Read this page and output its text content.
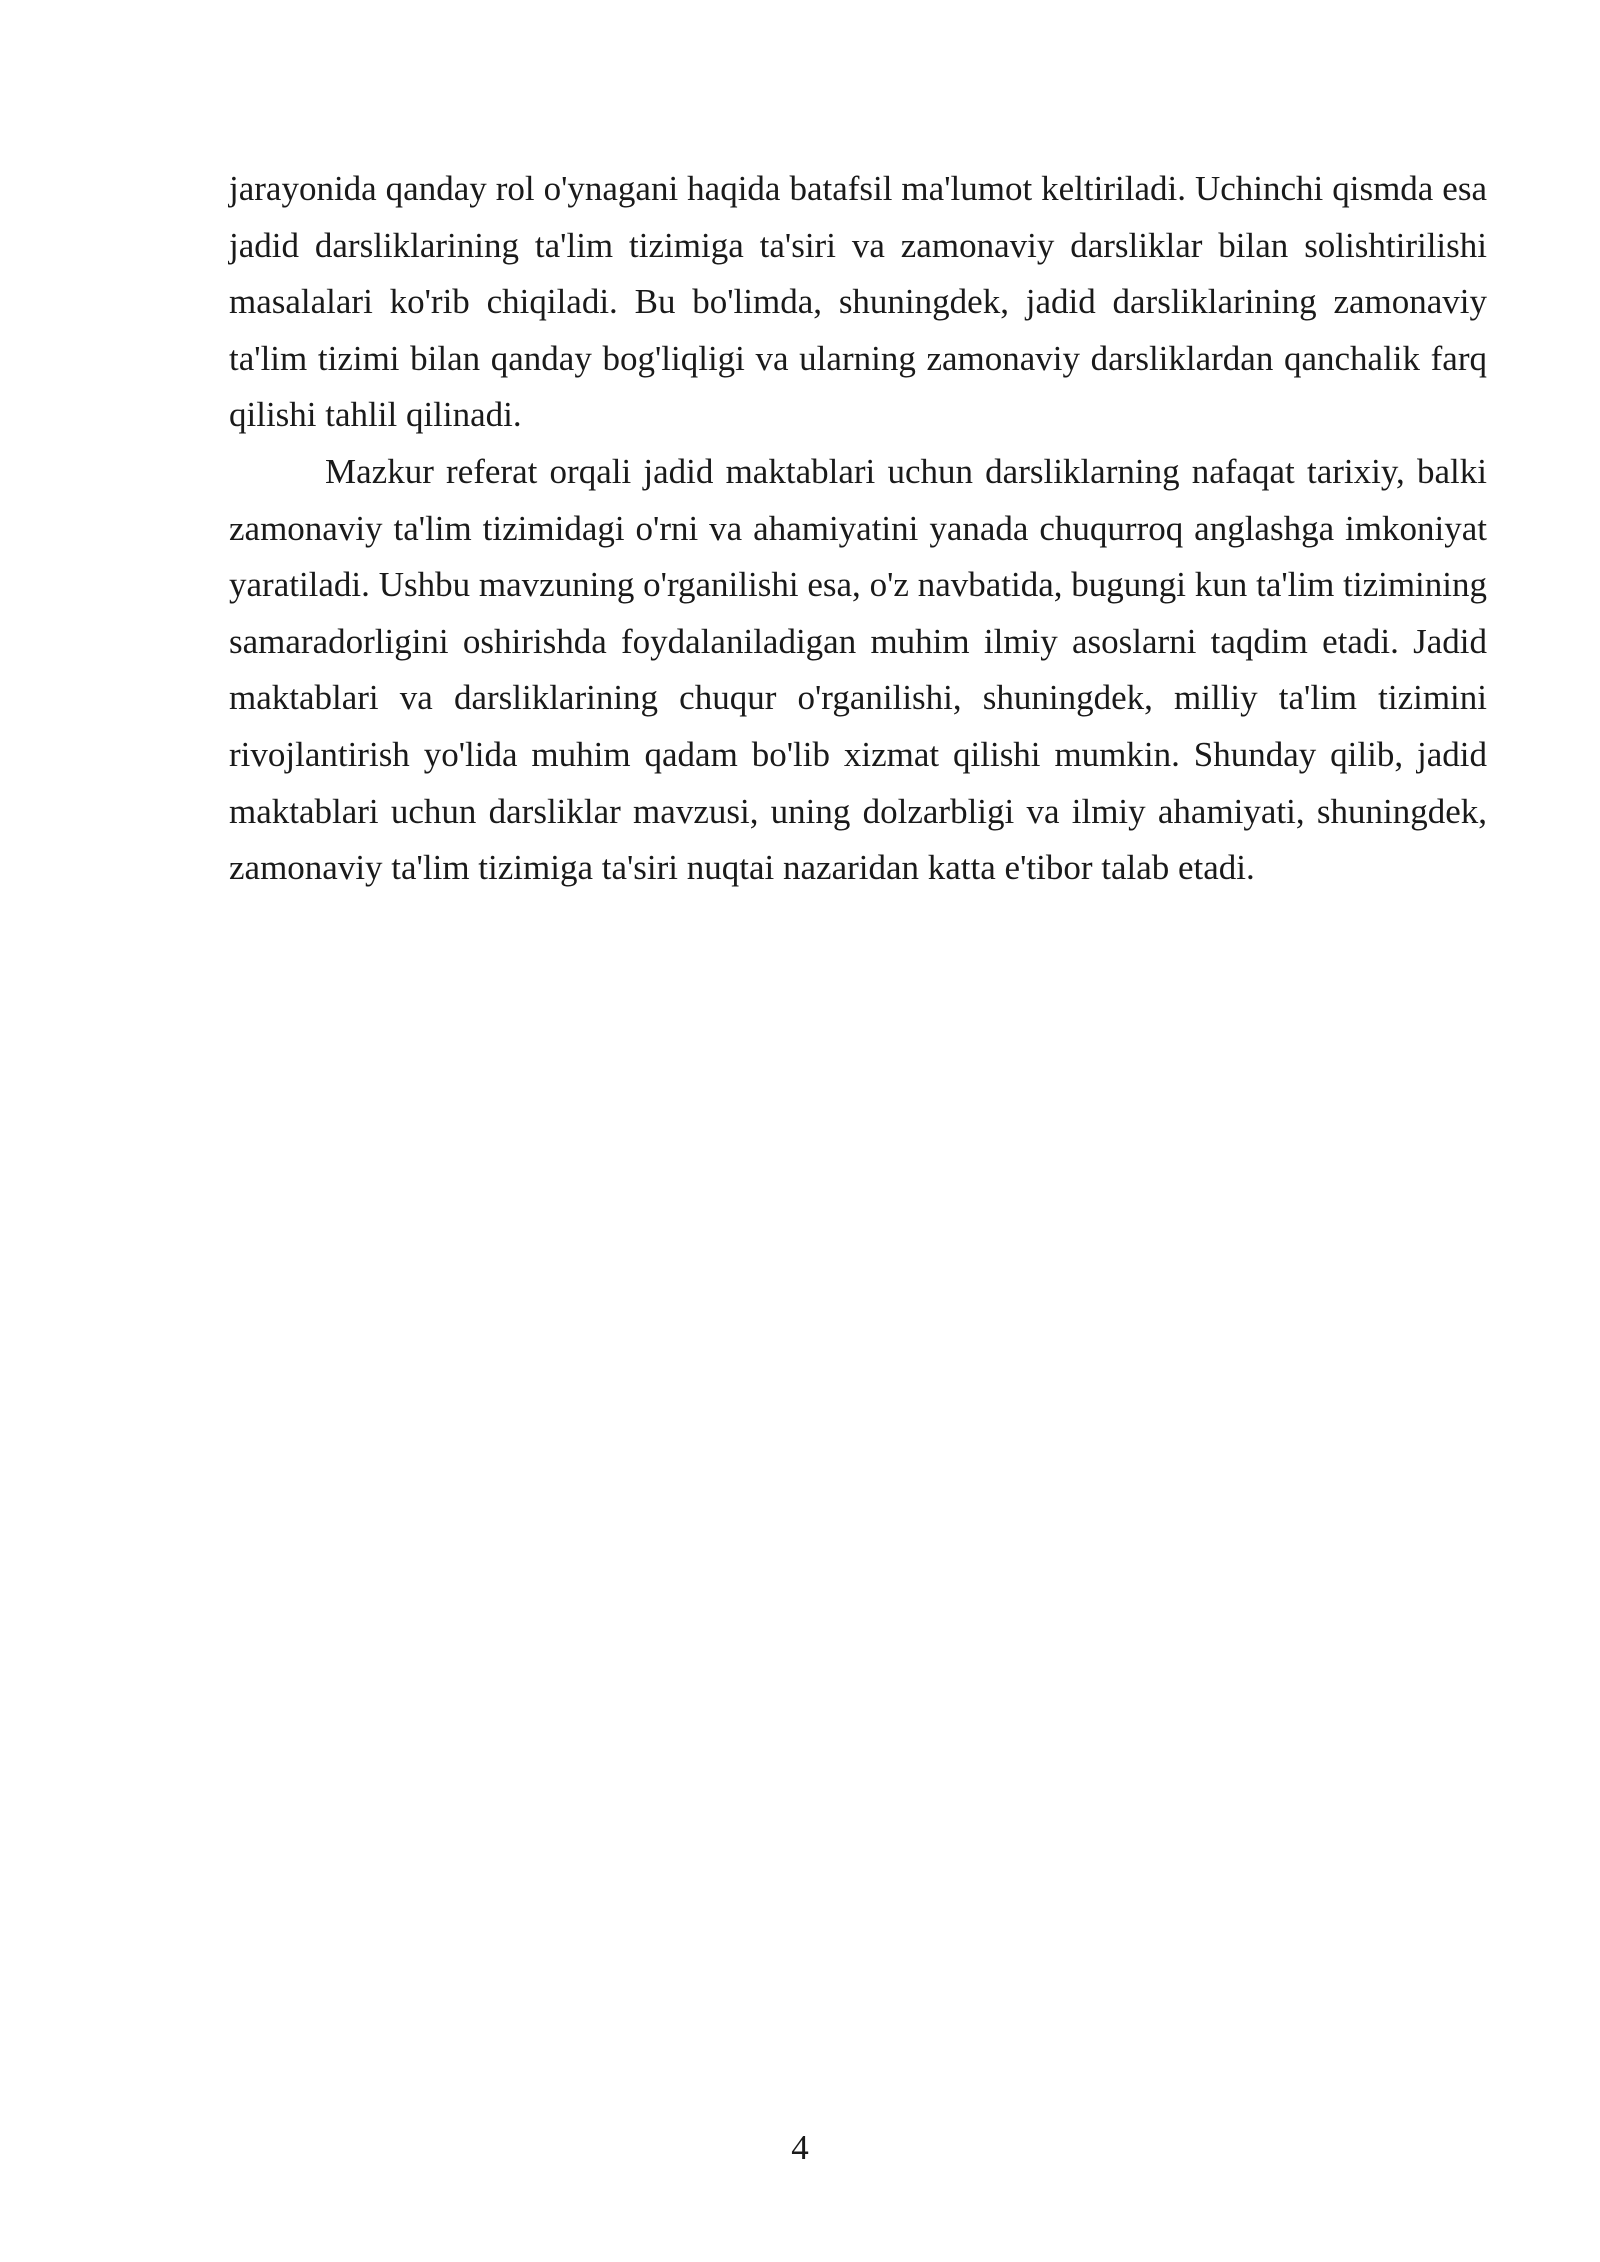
jarayonida qanday rol o'ynagani haqida batafsil ma'lumot keltiriladi. Uchinchi qismda esa jadid darsliklarining ta'lim tizimiga ta'siri va zamonaviy darsliklar bilan solishtirilishi masalalari ko'rib chiqiladi. Bu bo'limda, shuningdek, jadid darsliklarining zamonaviy ta'lim tizimi bilan qanday bog'liqligi va ularning zamonaviy darsliklardan qanchalik farq qilishi tahlil qilinadi.

Mazkur referat orqali jadid maktablari uchun darsliklarning nafaqat tarixiy, balki zamonaviy ta'lim tizimidagi o'rni va ahamiyatini yanada chuqurroq anglashga imkoniyat yaratiladi. Ushbu mavzuning o'rganilishi esa, o'z navbatida, bugungi kun ta'lim tizimining samaradorligini oshirishda foydalaniladigan muhim ilmiy asoslarni taqdim etadi. Jadid maktablari va darsliklarining chuqur o'rganilishi, shuningdek, milliy ta'lim tizimini rivojlantirish yo'lida muhim qadam bo'lib xizmat qilishi mumkin. Shunday qilib, jadid maktablari uchun darsliklar mavzusi, uning dolzarbligi va ilmiy ahamiyati, shuningdek, zamonaviy ta'lim tizimiga ta'siri nuqtai nazaridan katta e'tibor talab etadi.

4
